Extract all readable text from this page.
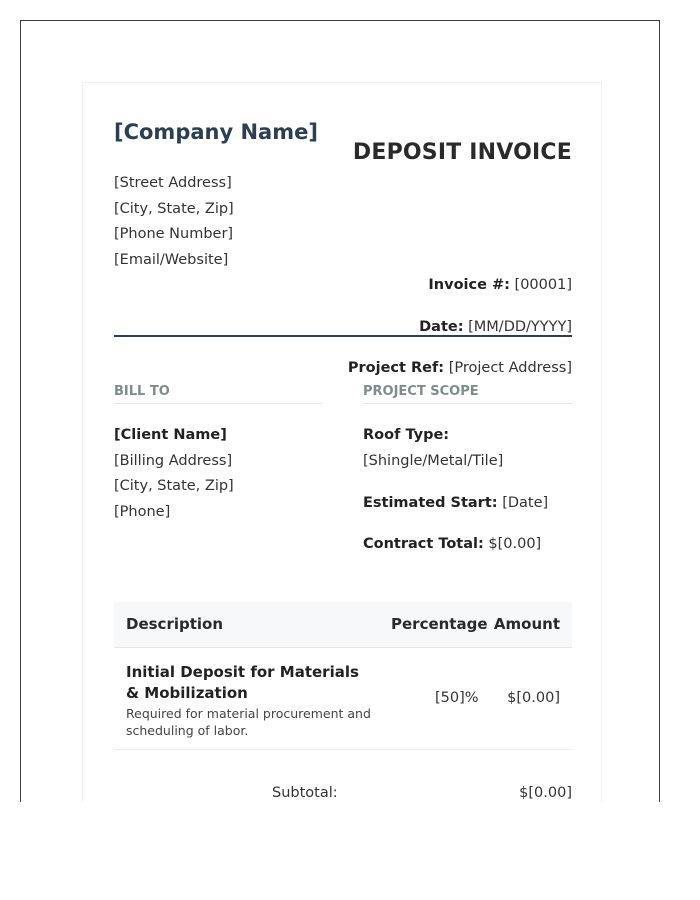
[Company Name]
[Street Address]
[City, State, Zip]
[Phone Number]
[Email/Website]
DEPOSIT INVOICE
Invoice #: [00001]
Date: [MM/DD/YYYY]
Project Ref: [Project Address]
BILL TO	PROJECT SCOPE
[Client Name]
[Billing Address]
[City, State, Zip]
[Phone]
Roof Type:
[Shingle/Metal/Tile]
Estimated Start: [Date]
Contract Total: $[0.00]
Description	Percentage Amount
Initial Deposit for Materials & Mobilization
Required for material procurement and scheduling of labor.
[50]% $[0.00]
Subtotal:	$[0.00]
